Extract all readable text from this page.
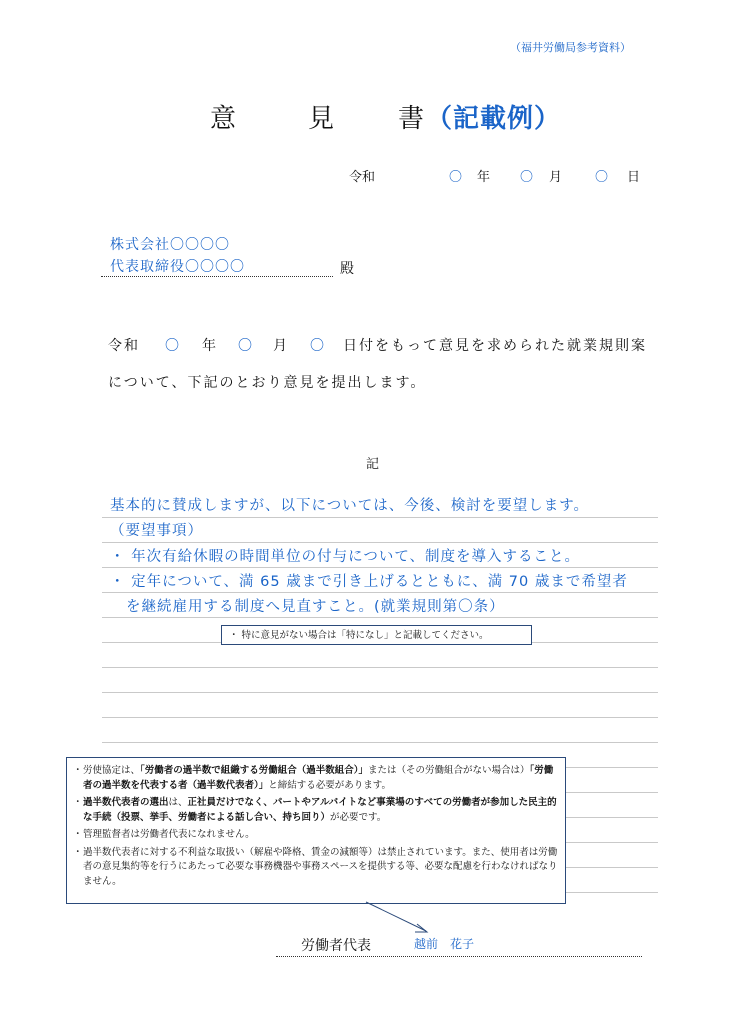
（福井労働局参考資料）
意	見 書（記載例）
令和	〇 年 〇 月	〇 日
株式会社〇〇〇〇
代表取締役〇〇〇〇	殿
令和 〇 年 〇 月 〇 日付をもって意見を求められた就業規則案
について、下記のとおり意見を提出します。
記
基本的に賛成しますが、以下については、今後、検討を要望します。
（要望事項）
・ 年次有給休暇の時間単位の付与について、制度を導入すること。
・ 定年について、満 65 歳まで引き上げるとともに、満 70 歳まで希望者
を継続雇用する制度へ見直すこと。(就業規則第〇条）
・ 特に意見がない場合は「特になし」と記載してください。
・ 労使協定は、「労働者の過半数で組織する労働組合（過半数組合）」または（その労働組合がない場合は）「労働者の過半数を代表する者（過半数代表者）」と締結する必要があります。
・ 過半数代表者の選出は、正社員だけでなく、パートやアルバイトなど事業場のすべての労働者が参加した民主的な手続（投票、挙手、労働者による話し合い、持ち回り）が必要です。
・ 管理監督者は労働者代表になれません。
・ 過半数代表者に対する不利益な取扱い（解雇や降格、賃金の減額等）は禁止されています。また、使用者は労働者の意見集約等を行うにあたって必要な事務機器や事務スペースを提供する等、必要な配慮を行わなければなりません。
労働者代表	越前　花子
